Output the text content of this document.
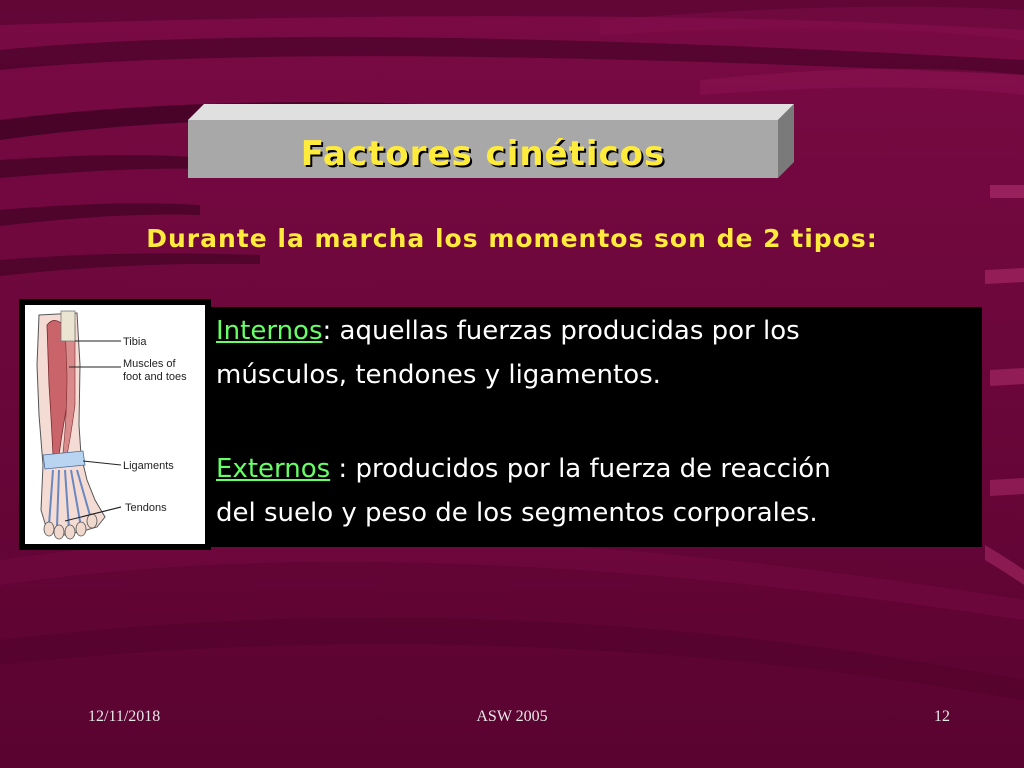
Factores cinéticos
Durante la marcha los momentos son de 2 tipos:
Tibia
Muscles of
foot and toes
Ligaments
Tendons
Internos: aquellas fuerzas producidas por los
músculos, tendones y ligamentos.
Externos : producidos por la fuerza de reacción
del suelo y peso de los segmentos corporales.
12/11/2018	ASW 2005	12
